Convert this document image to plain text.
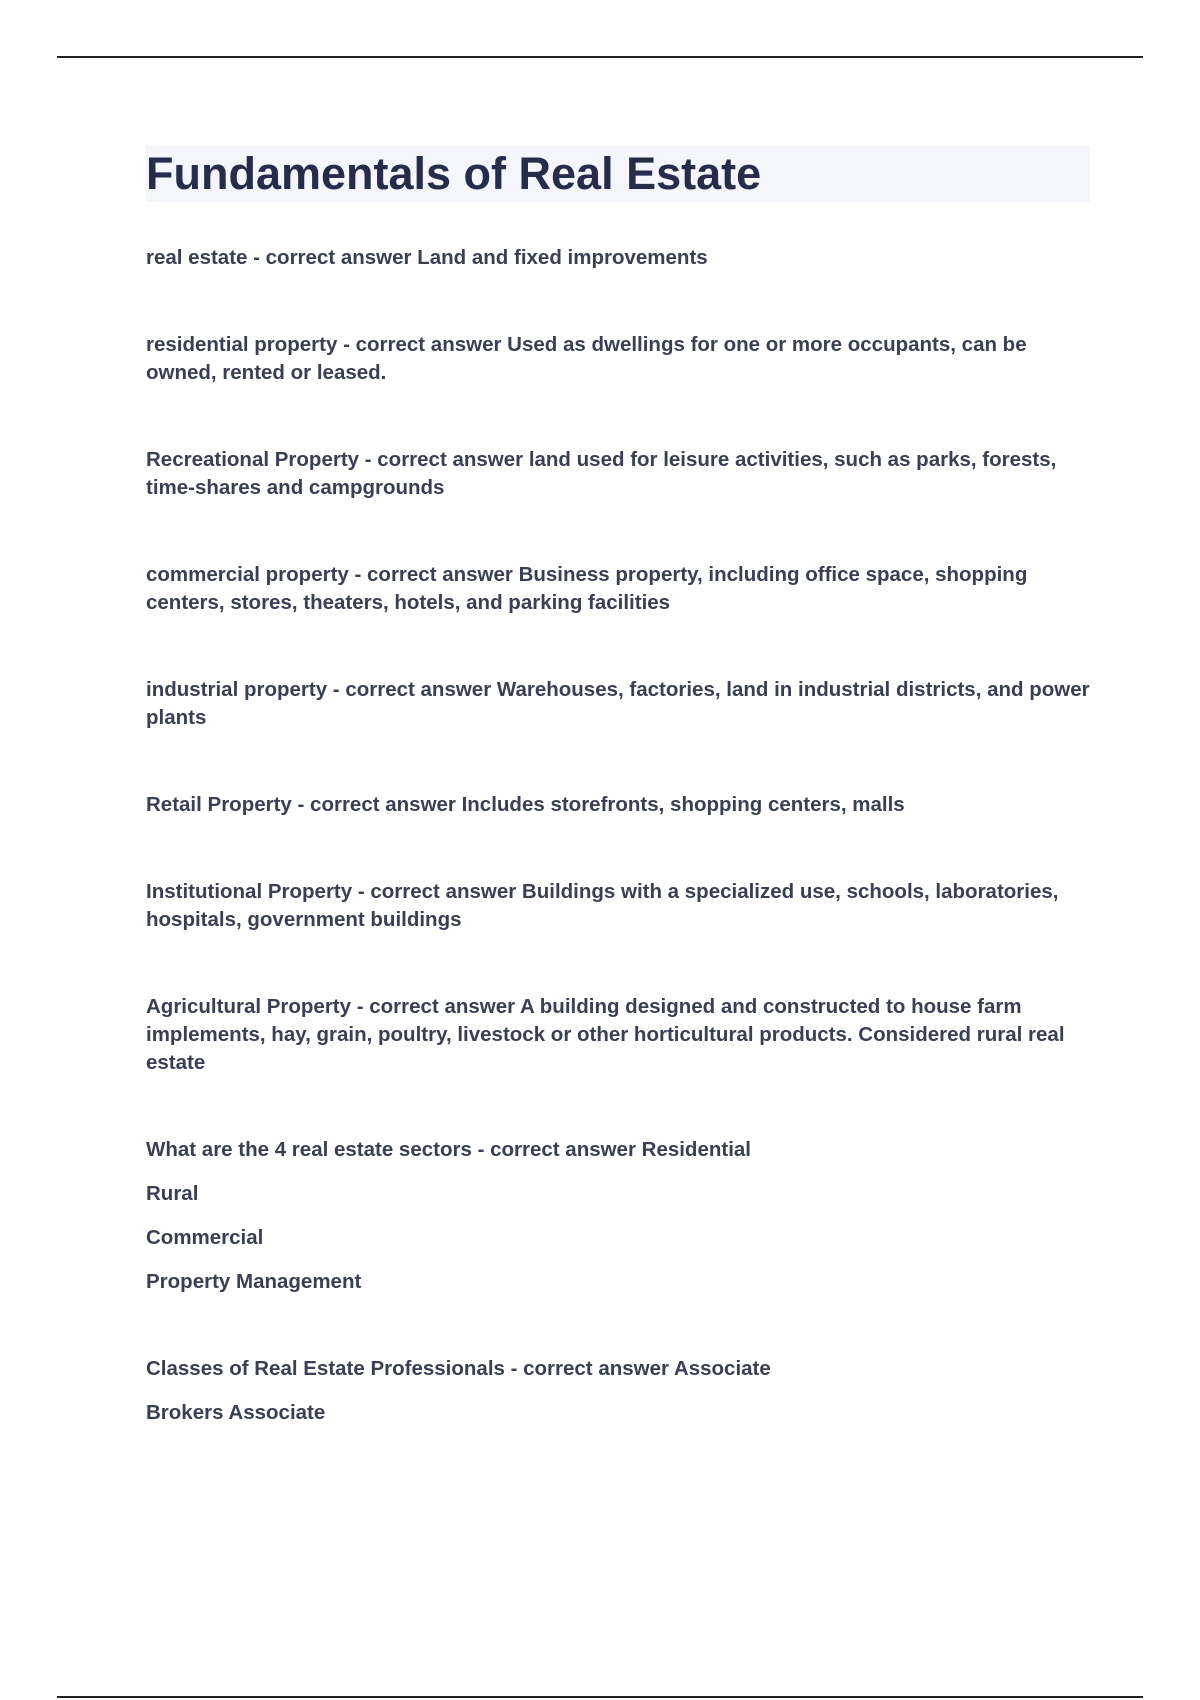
Fundamentals of Real Estate

real estate - correct answer Land and fixed improvements

residential property - correct answer Used as dwellings for one or more occupants, can be owned, rented or leased.

Recreational Property - correct answer land used for leisure activities, such as parks, forests, time-shares and campgrounds

commercial property - correct answer Business property, including office space, shopping centers, stores, theaters, hotels, and parking facilities

industrial property - correct answer Warehouses, factories, land in industrial districts, and power plants

Retail Property - correct answer Includes storefronts, shopping centers, malls

Institutional Property - correct answer Buildings with a specialized use, schools, laboratories, hospitals, government buildings

Agricultural Property - correct answer A building designed and constructed to house farm implements, hay, grain, poultry, livestock or other horticultural products. Considered rural real estate

What are the 4 real estate sectors - correct answer Residential
Rural
Commercial
Property Management

Classes of Real Estate Professionals - correct answer Associate
Brokers Associate
